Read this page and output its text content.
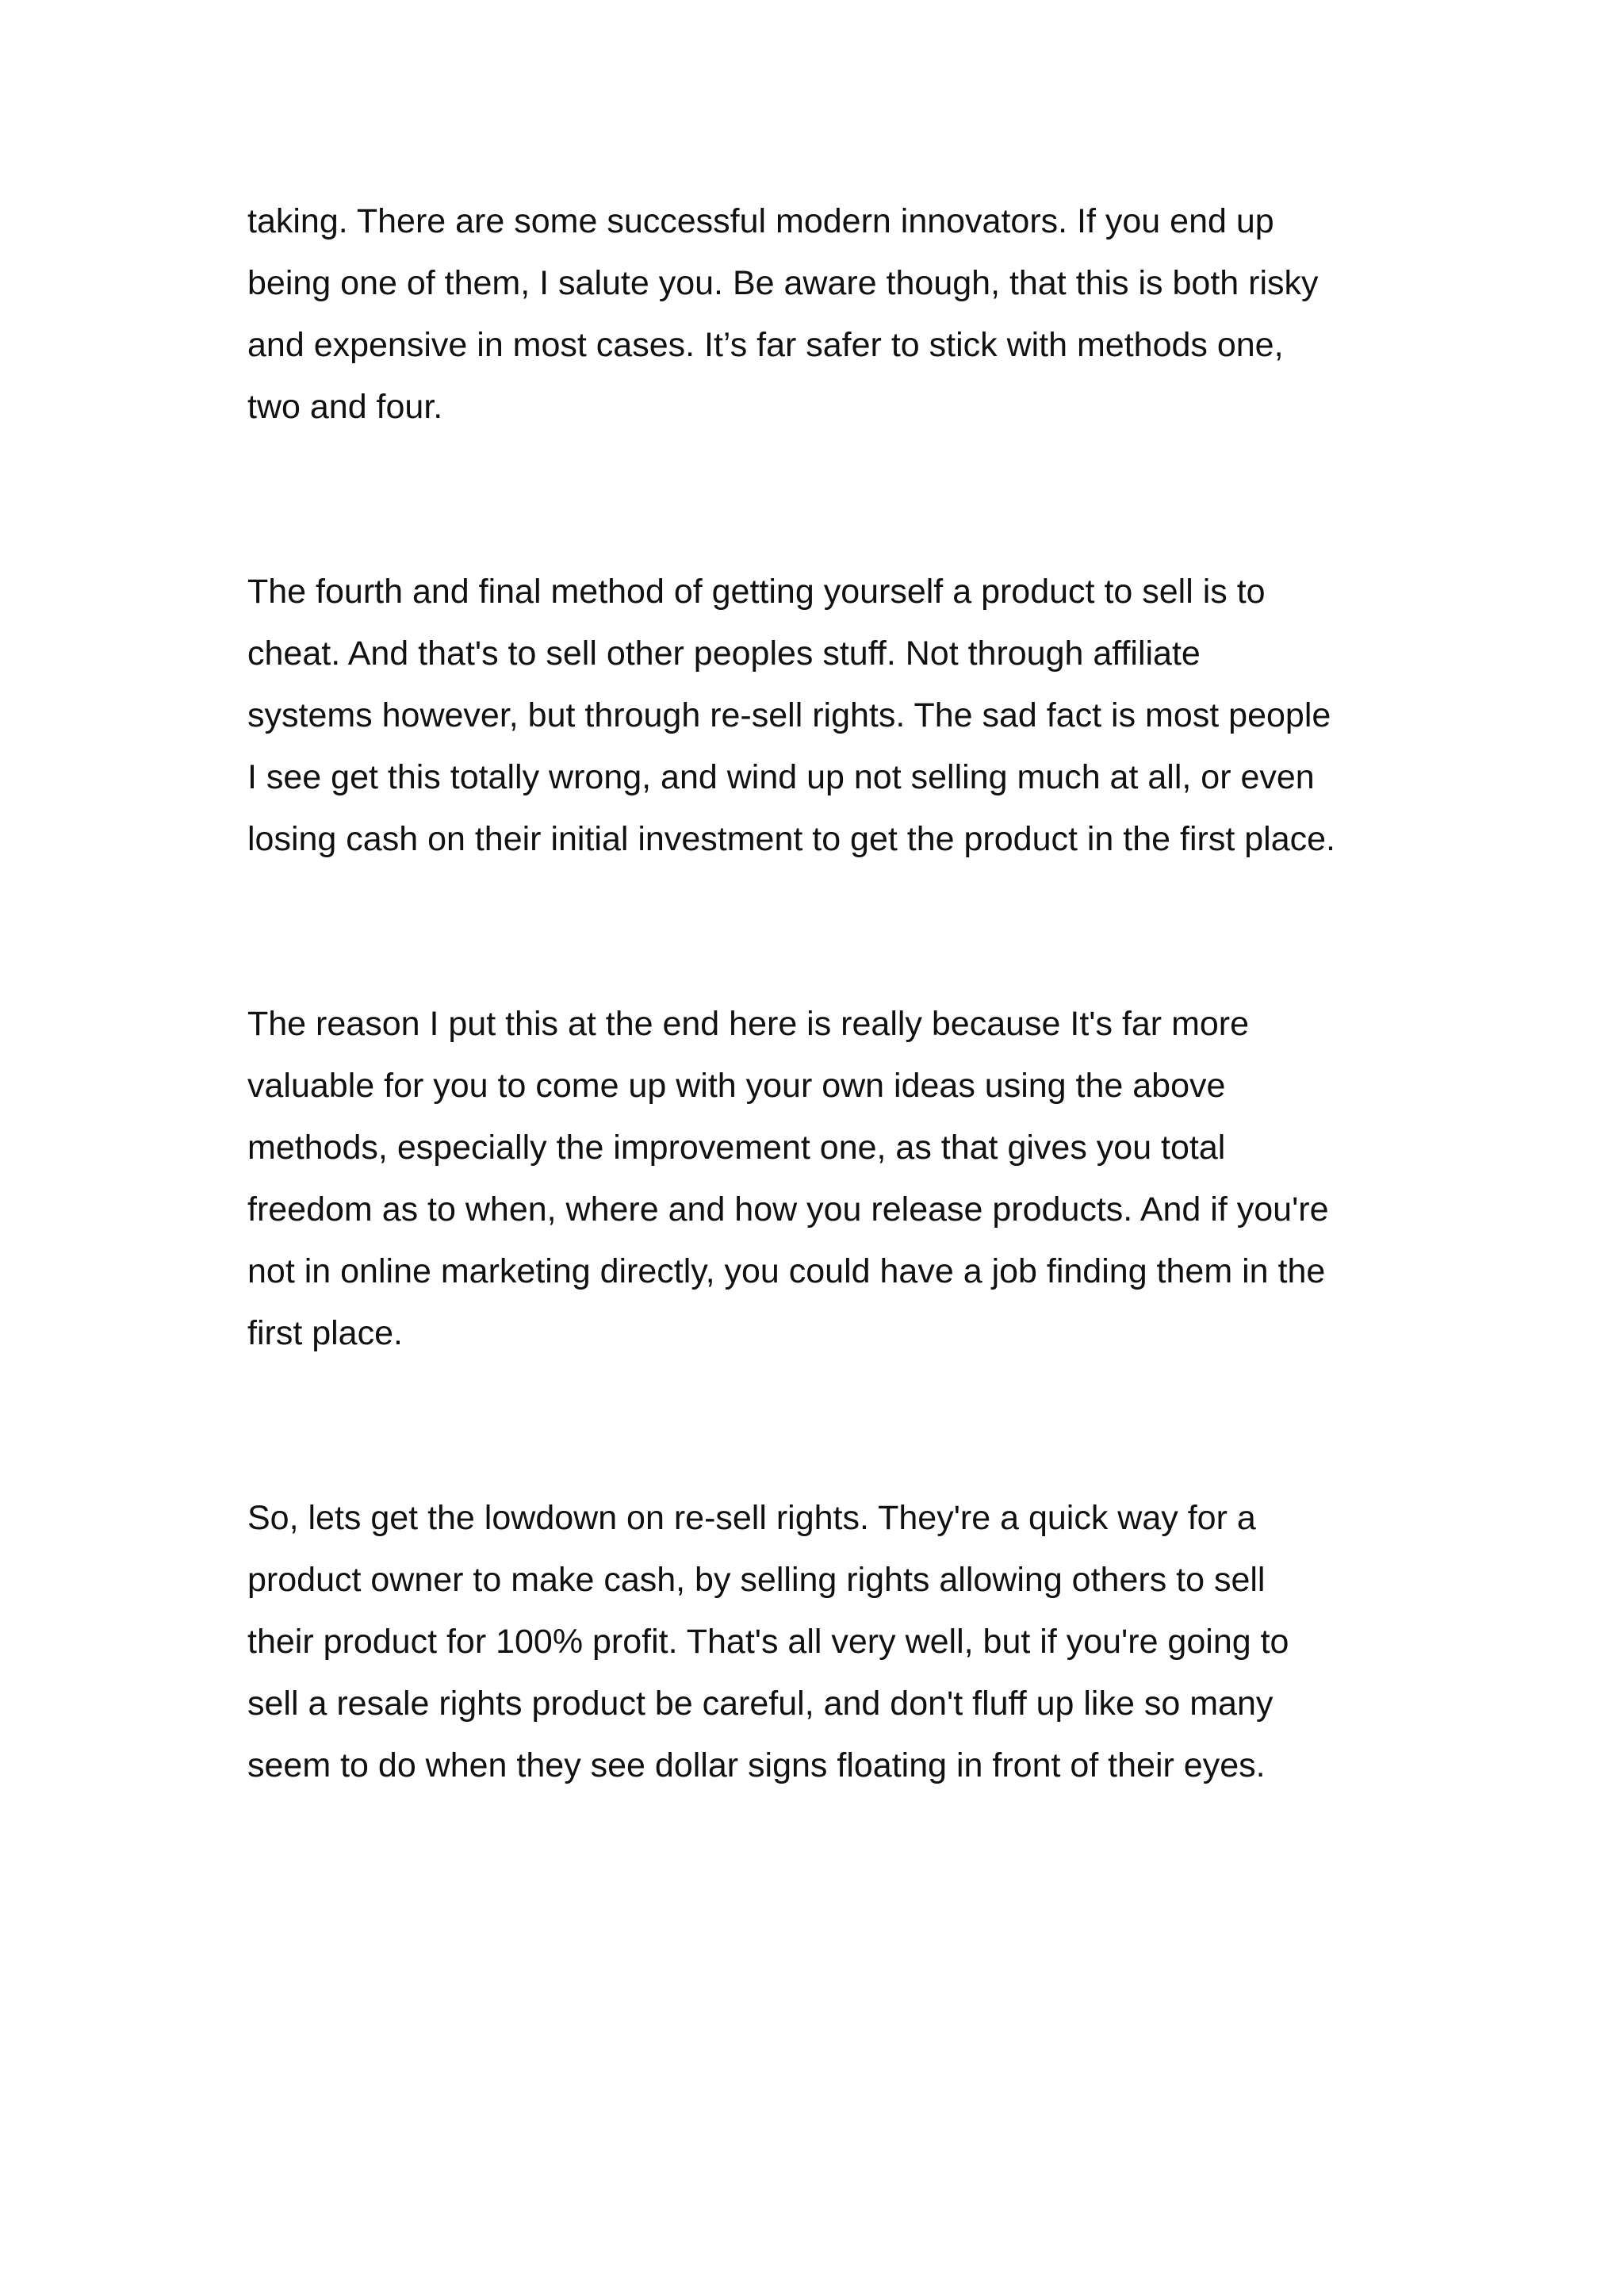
taking. There are some successful modern innovators. If you end up
being one of them, I salute you. Be aware though, that this is both risky
and expensive in most cases. It’s far safer to stick with methods one,
two and four.

The fourth and final method of getting yourself a product to sell is to
cheat. And that's to sell other peoples stuff. Not through affiliate
systems however, but through re-sell rights. The sad fact is most people
I see get this totally wrong, and wind up not selling much at all, or even
losing cash on their initial investment to get the product in the first place.

The reason I put this at the end here is really because It's far more
valuable for you to come up with your own ideas using the above
methods, especially the improvement one, as that gives you total
freedom as to when, where and how you release products. And if you're
not in online marketing directly, you could have a job finding them in the
first place.

So, lets get the lowdown on re-sell rights. They're a quick way for a
product owner to make cash, by selling rights allowing others to sell
their product for 100% profit. That's all very well, but if you're going to
sell a resale rights product be careful, and don't fluff up like so many
seem to do when they see dollar signs floating in front of their eyes.
